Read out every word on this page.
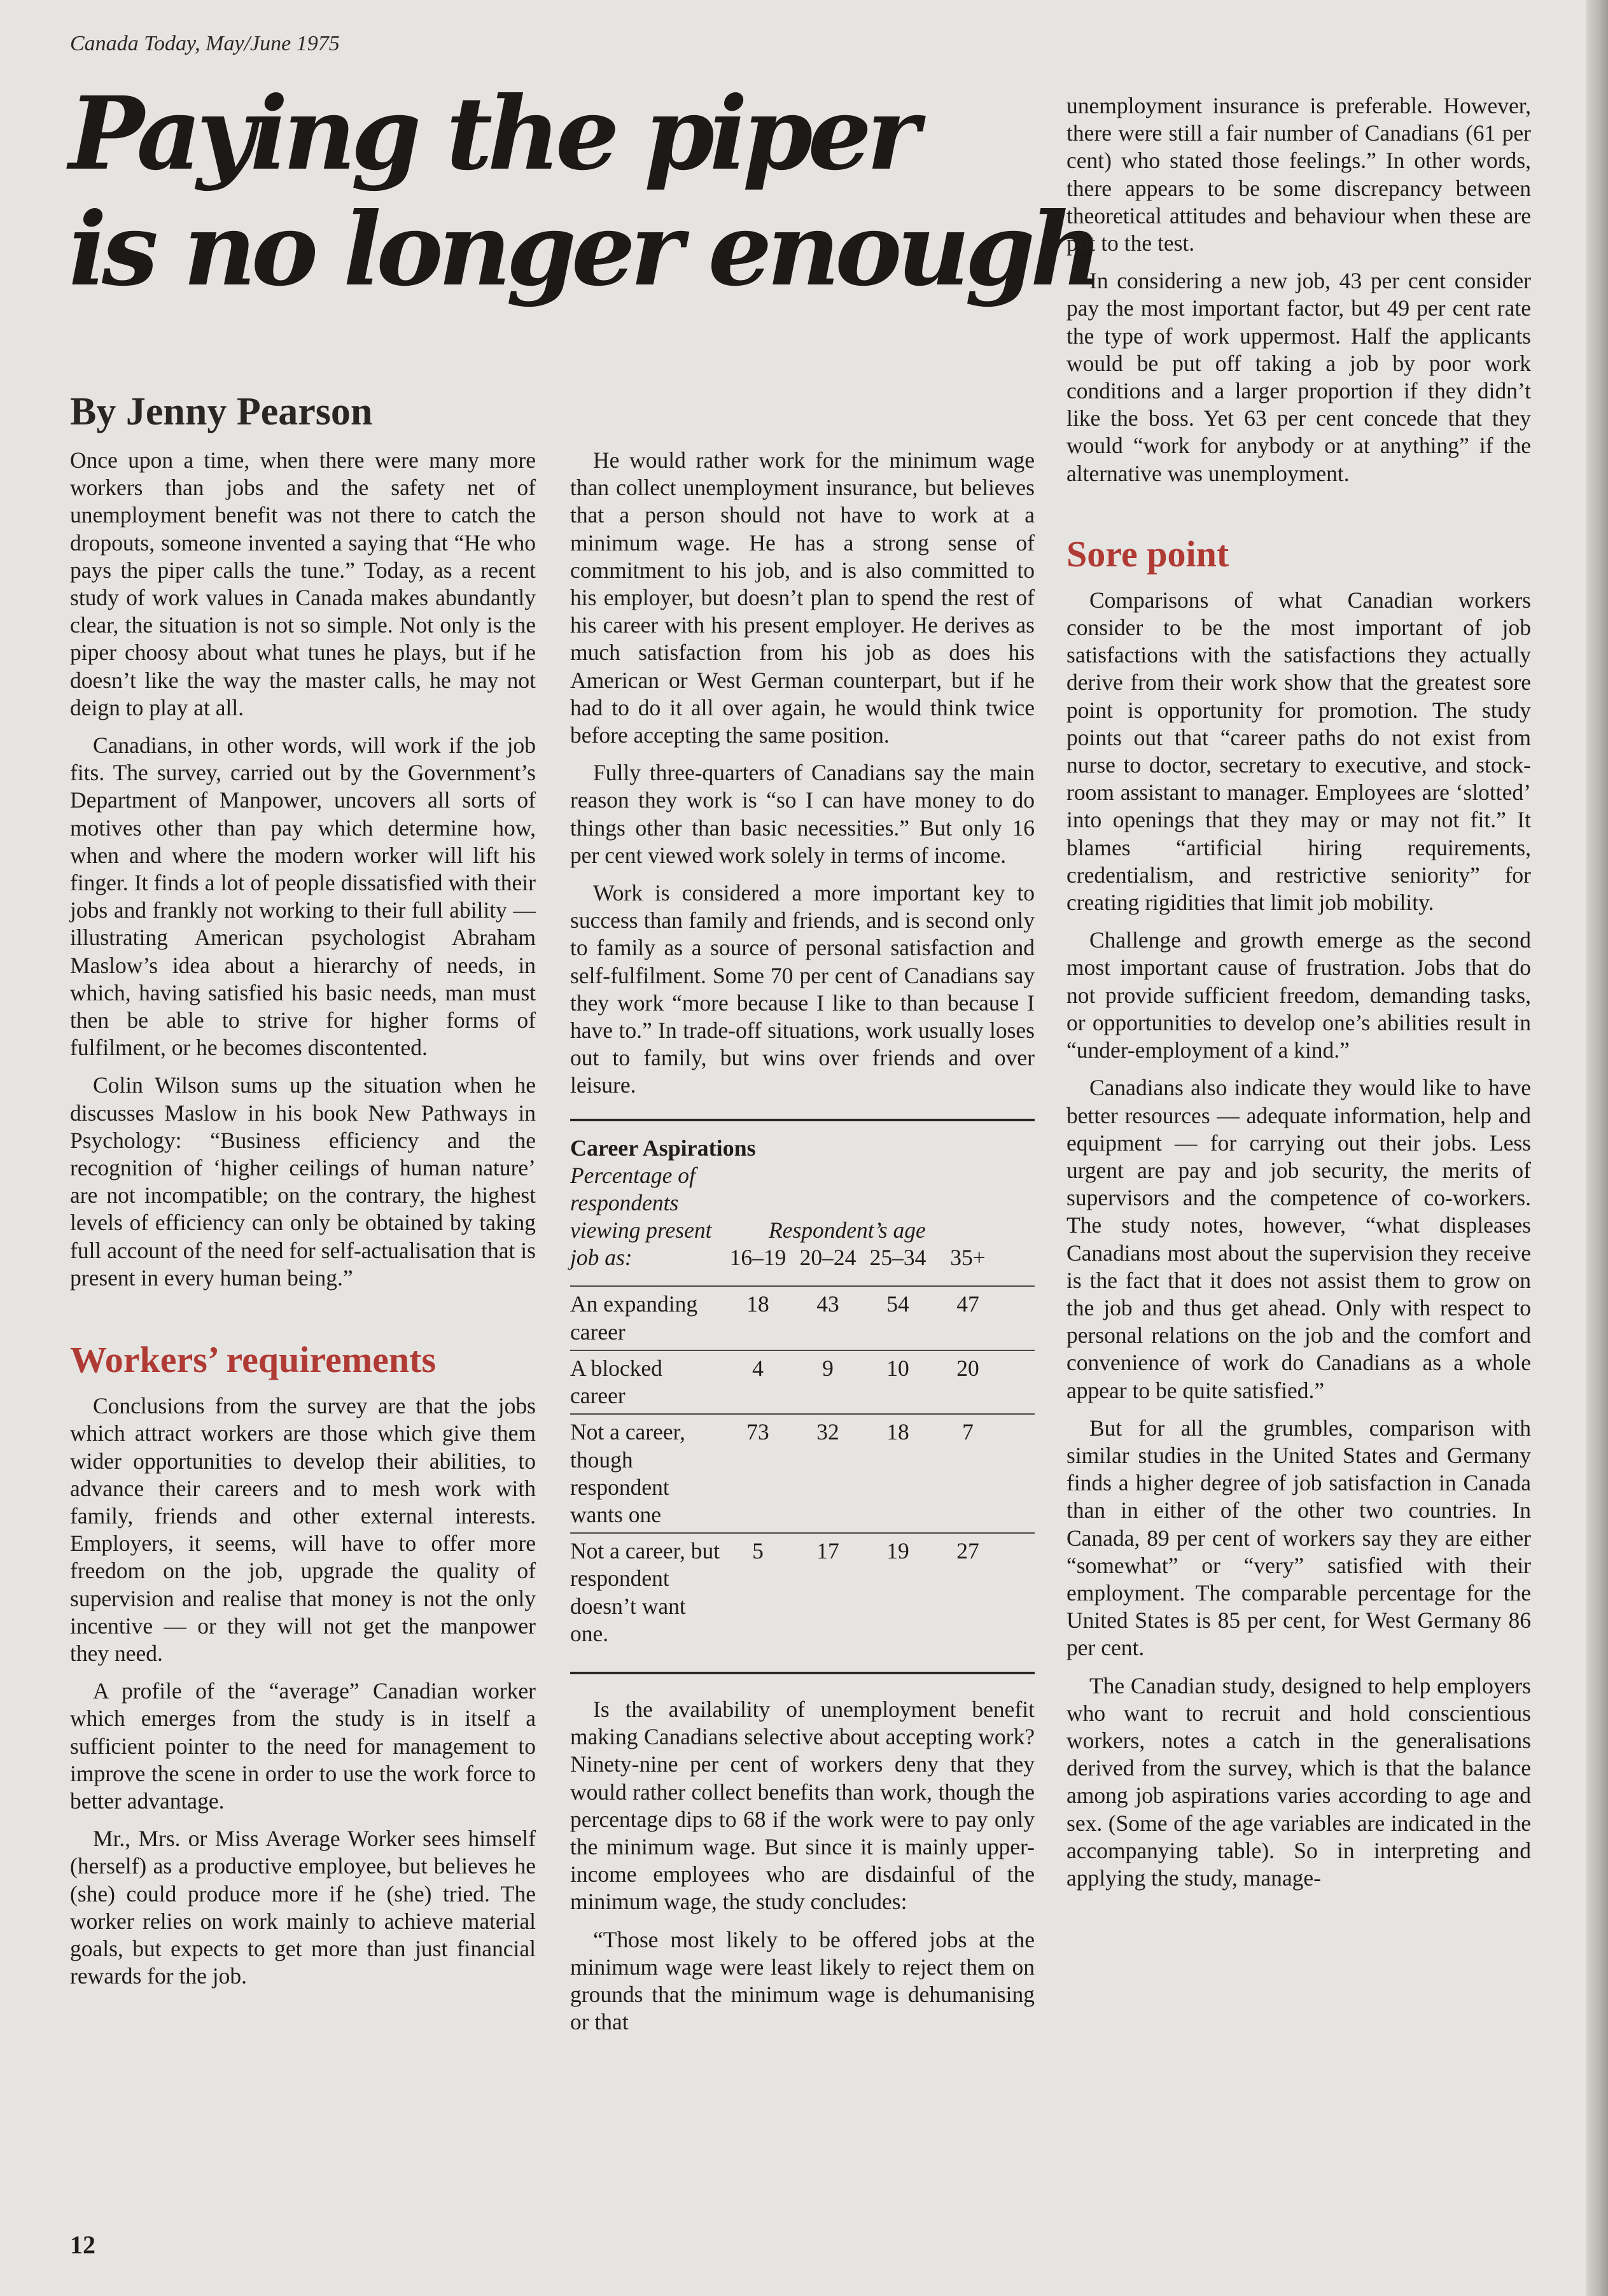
Canada Today, May/June 1975
Paying the piper
is no longer enough
By Jenny Pearson

Once upon a time, when there were many more workers than jobs and the safety net of unemployment benefit was not there to catch the dropouts, someone invented a saying that “He who pays the piper calls the tune.” Today, as a recent study of work values in Canada makes abundantly clear, the situation is not so simple. Not only is the piper choosy about what tunes he plays, but if he doesn’t like the way the master calls, he may not deign to play at all.

Canadians, in other words, will work if the job fits. The survey, carried out by the Government’s Department of Manpower, uncovers all sorts of motives other than pay which determine how, when and where the modern worker will lift his finger. It finds a lot of people dissatisfied with their jobs and frankly not working to their full ability — illustrating American psychologist Abraham Maslow’s idea about a hierarchy of needs, in which, having satisfied his basic needs, man must then be able to strive for higher forms of fulfilment, or he becomes discontented.

Colin Wilson sums up the situation when he discusses Maslow in his book New Pathways in Psychology: “Business efficiency and the recognition of ‘higher ceilings of human nature’ are not incompatible; on the contrary, the highest levels of efficiency can only be obtained by taking full account of the need for self-actualisation that is present in every human being.”

Workers’ requirements

Conclusions from the survey are that the jobs which attract workers are those which give them wider opportunities to develop their abilities, to advance their careers and to mesh work with family, friends and other external interests. Employers, it seems, will have to offer more freedom on the job, upgrade the quality of supervision and realise that money is not the only incentive — or they will not get the manpower they need.

A profile of the “average” Canadian worker which emerges from the study is in itself a sufficient pointer to the need for management to improve the scene in order to use the work force to better advantage.

Mr., Mrs. or Miss Average Worker sees himself (herself) as a productive employee, but believes he (she) could produce more if he (she) tried. The worker relies on work mainly to achieve material goals, but expects to get more than just financial rewards for the job.

He would rather work for the minimum wage than collect unemployment insurance, but believes that a person should not have to work at a minimum wage. He has a strong sense of commitment to his job, and is also committed to his employer, but doesn’t plan to spend the rest of his career with his present employer. He derives as much satisfaction from his job as does his American or West German counterpart, but if he had to do it all over again, he would think twice before accepting the same position.

Fully three-quarters of Canadians say the main reason they work is “so I can have money to do things other than basic necessities.” But only 16 per cent viewed work solely in terms of income.

Work is considered a more important key to success than family and friends, and is second only to family as a source of personal satisfaction and self-fulfilment. Some 70 per cent of Canadians say they work “more because I like to than because I have to.” In trade-off situations, work usually loses out to family, but wins over friends and over leisure.

Career Aspirations
Percentage of respondents viewing present job as:
Respondent’s age
16–19 20–24 25–34	35+
An expanding career
18	43	54	47
A blocked career
4	9	10	20
Not a career, though respondent wants one
73	32	18	7
Not a career, but respondent doesn’t want one.
5	17	19	27

Is the availability of unemployment benefit making Canadians selective about accepting work? Ninety-nine per cent of workers deny that they would rather collect benefits than work, though the percentage dips to 68 if the work were to pay only the minimum wage. But since it is mainly upper-income employees who are disdainful of the minimum wage, the study concludes:

“Those most likely to be offered jobs at the minimum wage were least likely to reject them on grounds that the minimum wage is dehumanising or that

unemployment insurance is preferable. However, there were still a fair number of Canadians (61 per cent) who stated those feelings.” In other words, there appears to be some discrepancy between theoretical attitudes and behaviour when these are put to the test.

In considering a new job, 43 per cent consider pay the most important factor, but 49 per cent rate the type of work uppermost. Half the applicants would be put off taking a job by poor work conditions and a larger proportion if they didn’t like the boss. Yet 63 per cent concede that they would “work for anybody or at anything” if the alternative was unemployment.

Sore point

Comparisons of what Canadian workers consider to be the most important of job satisfactions with the satisfactions they actually derive from their work show that the greatest sore point is opportunity for promotion. The study points out that “career paths do not exist from nurse to doctor, secretary to executive, and stock-room assistant to manager. Employees are ‘slotted’ into openings that they may or may not fit.” It blames “artificial hiring requirements, credentialism, and restrictive seniority” for creating rigidities that limit job mobility.

Challenge and growth emerge as the second most important cause of frustration. Jobs that do not provide sufficient freedom, demanding tasks, or opportunities to develop one’s abilities result in “under-employment of a kind.”

Canadians also indicate they would like to have better resources — adequate information, help and equipment — for carrying out their jobs. Less urgent are pay and job security, the merits of supervisors and the competence of co-workers. The study notes, however, “what displeases Canadians most about the supervision they receive is the fact that it does not assist them to grow on the job and thus get ahead. Only with respect to personal relations on the job and the comfort and convenience of work do Canadians as a whole appear to be quite satisfied.”

But for all the grumbles, comparison with similar studies in the United States and Germany finds a higher degree of job satisfaction in Canada than in either of the other two countries. In Canada, 89 per cent of workers say they are either “somewhat” or “very” satisfied with their employment. The comparable percentage for the United States is 85 per cent, for West Germany 86 per cent.

The Canadian study, designed to help employers who want to recruit and hold conscientious workers, notes a catch in the generalisations derived from the survey, which is that the balance among job aspirations varies according to age and sex. (Some of the age variables are indicated in the accompanying table). So in interpreting and applying the study, manage-

12
